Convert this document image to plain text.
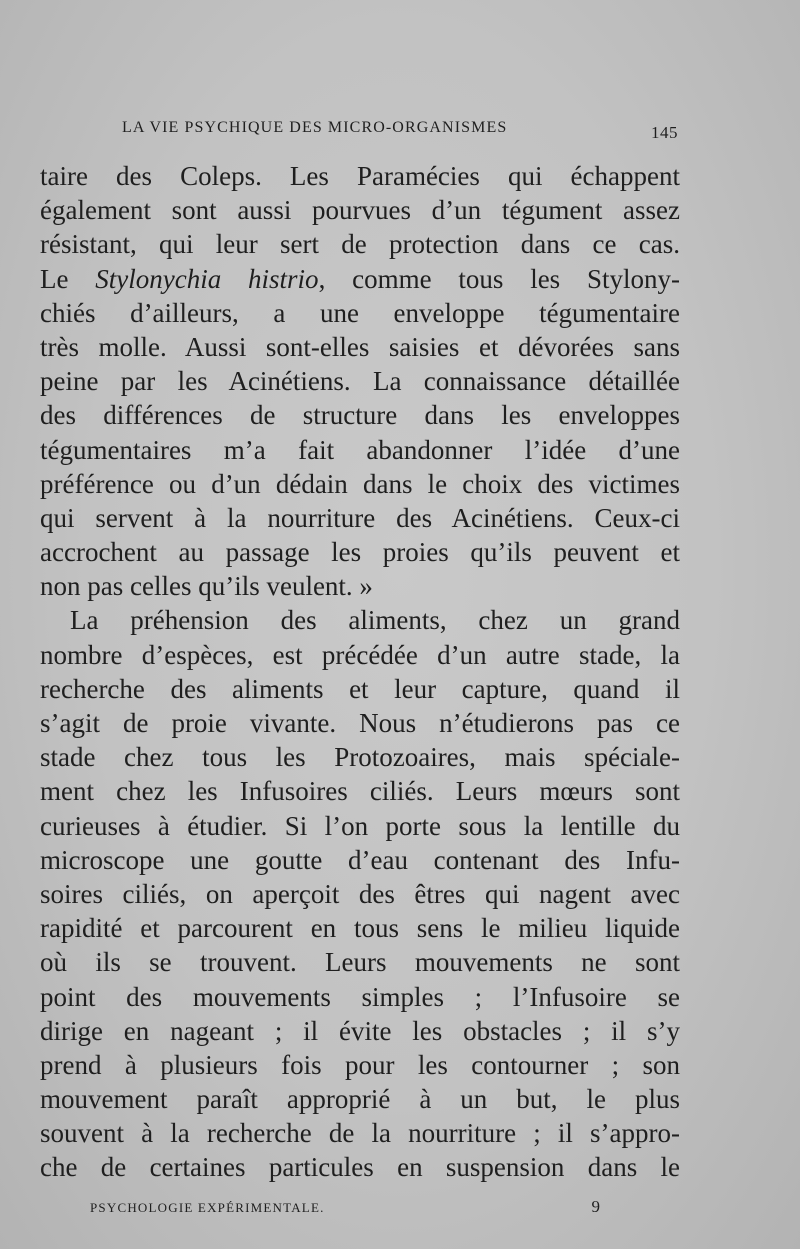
LA VIE PSYCHIQUE DES MICRO-ORGANISMES	145
taire des Coleps. Les Paramécies qui échappent
également sont aussi pourvues d’un tégument assez
résistant, qui leur sert de protection dans ce cas.
Le Stylonychia histrio, comme tous les Stylony-
chiés d’ailleurs, a une enveloppe tégumentaire
très molle. Aussi sont-elles saisies et dévorées sans
peine par les Acinétiens. La connaissance détaillée
des différences de structure dans les enveloppes
tégumentaires m’a fait abandonner l’idée d’une
préférence ou d’un dédain dans le choix des victimes
qui servent à la nourriture des Acinétiens. Ceux-ci
accrochent au passage les proies qu’ils peuvent et
non pas celles qu’ils veulent. »
La préhension des aliments, chez un grand
nombre d’espèces, est précédée d’un autre stade, la
recherche des aliments et leur capture, quand il
s’agit de proie vivante. Nous n’étudierons pas ce
stade chez tous les Protozoaires, mais spéciale-
ment chez les Infusoires ciliés. Leurs mœurs sont
curieuses à étudier. Si l’on porte sous la lentille du
microscope une goutte d’eau contenant des Infu-
soires ciliés, on aperçoit des êtres qui nagent avec
rapidité et parcourent en tous sens le milieu liquide
où ils se trouvent. Leurs mouvements ne sont
point des mouvements simples ; l’Infusoire se
dirige en nageant ; il évite les obstacles ; il s’y
prend à plusieurs fois pour les contourner ; son
mouvement paraît approprié à un but, le plus
souvent à la recherche de la nourriture ; il s’appro-
che de certaines particules en suspension dans le
PSYCHOLOGIE EXPÉRIMENTALE.	9
